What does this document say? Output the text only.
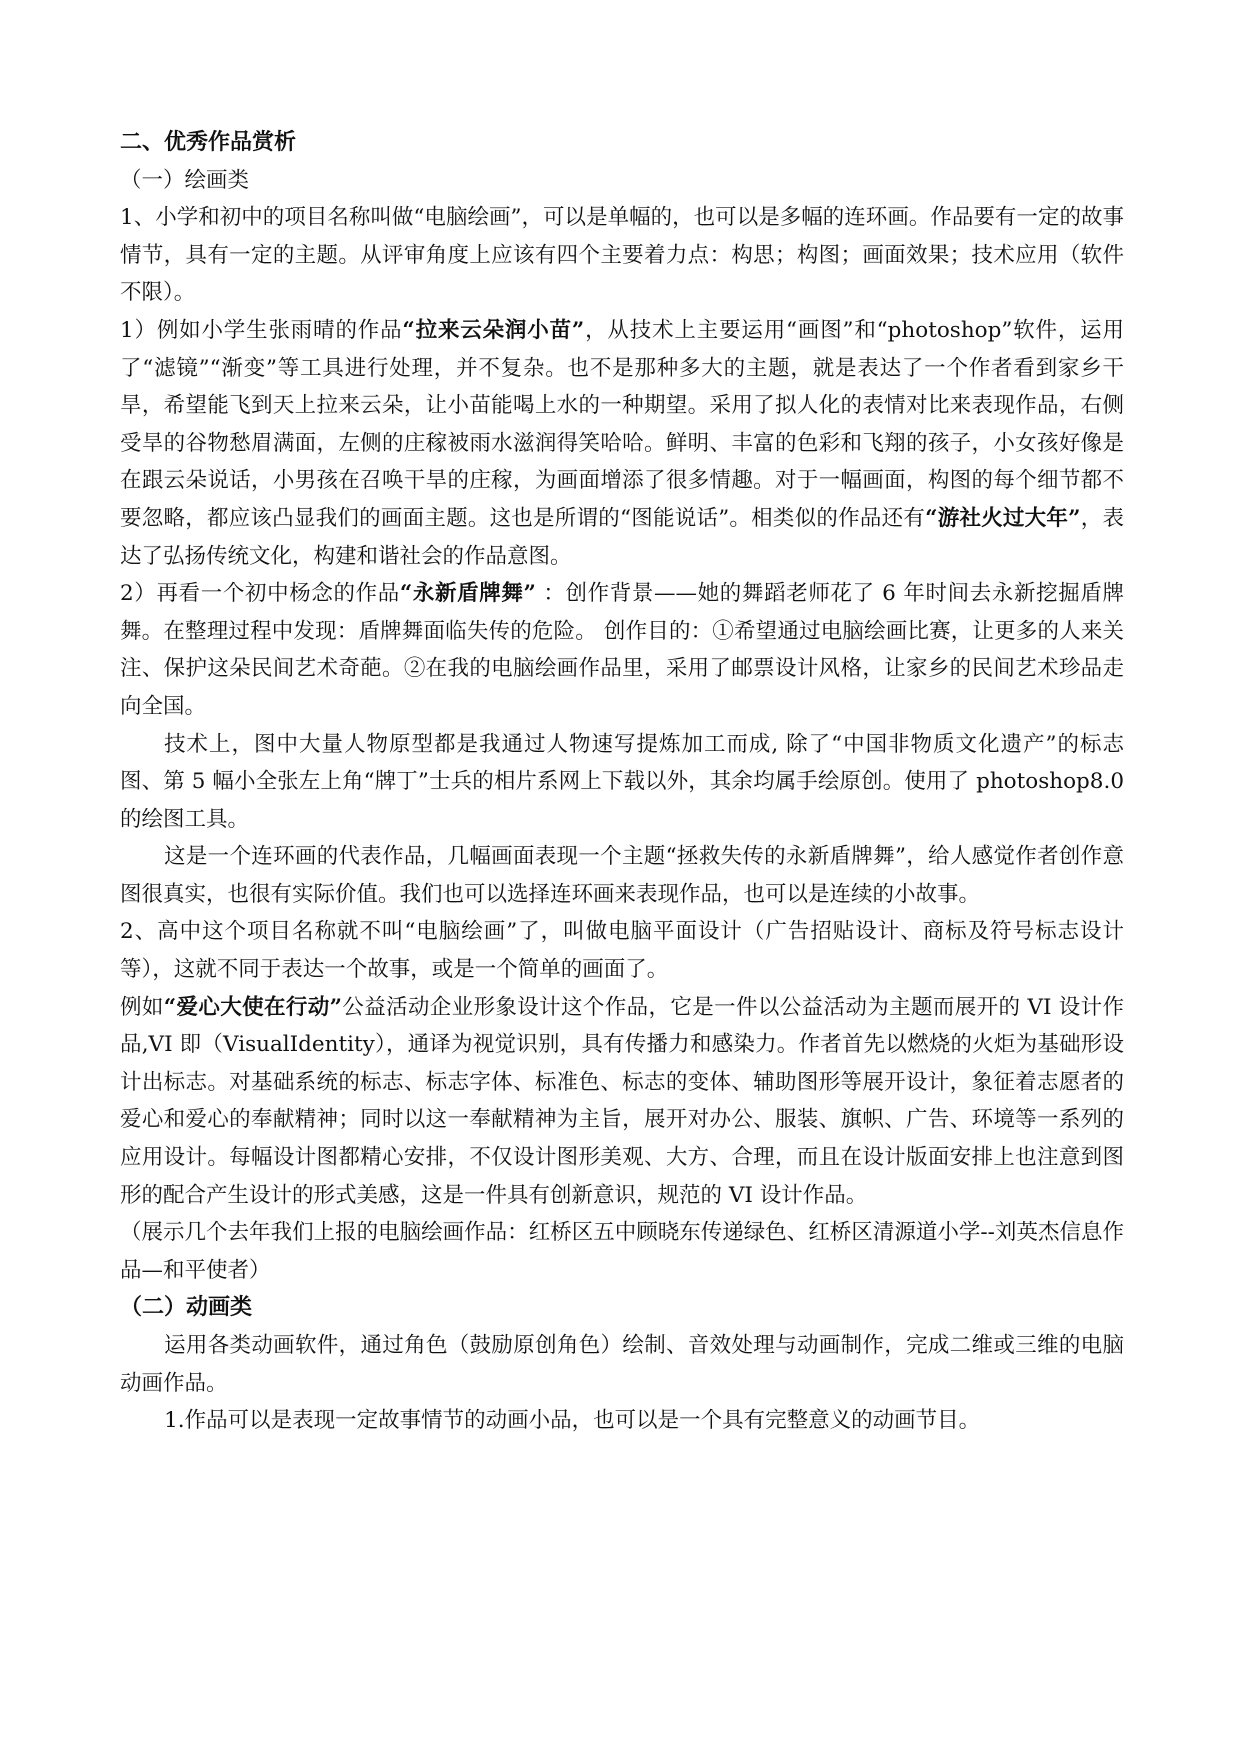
二、优秀作品赏析

（一）绘画类

1、小学和初中的项目名称叫做“电脑绘画”，可以是单幅的，也可以是多幅的连环画。作品要有一定的故事情节，具有一定的主题。从评审角度上应该有四个主要着力点：构思；构图；画面效果；技术应用（软件不限）。

1）例如小学生张雨晴的作品“拉来云朵润小苗”，从技术上主要运用“画图”和“photoshop”软件，运用了“滤镜”“渐变”等工具进行处理，并不复杂。也不是那种多大的主题，就是表达了一个作者看到家乡干旱，希望能飞到天上拉来云朵，让小苗能喝上水的一种期望。采用了拟人化的表情对比来表现作品，右侧受旱的谷物愁眉满面，左侧的庄稼被雨水滋润得笑哈哈。鲜明、丰富的色彩和飞翔的孩子，小女孩好像是在跟云朵说话，小男孩在召唤干旱的庄稼，为画面增添了很多情趣。对于一幅画面，构图的每个细节都不要忽略，都应该凸显我们的画面主题。这也是所谓的“图能说话”。相类似的作品还有“游社火过大年”，表达了弘扬传统文化，构建和谐社会的作品意图。

2）再看一个初中杨念的作品“永新盾牌舞” ：创作背景——她的舞蹈老师花了 6 年时间去永新挖掘盾牌舞。在整理过程中发现：盾牌舞面临失传的危险。 创作目的：①希望通过电脑绘画比赛，让更多的人来关注、保护这朵民间艺术奇葩。②在我的电脑绘画作品里，采用了邮票设计风格，让家乡的民间艺术珍品走向全国。

技术上，图中大量人物原型都是我通过人物速写提炼加工而成, 除了“中国非物质文化遗产”的标志图、第 5 幅小全张左上角“牌丁”士兵的相片系网上下载以外，其余均属手绘原创。使用了 photoshop8.0 的绘图工具。

这是一个连环画的代表作品，几幅画面表现一个主题“拯救失传的永新盾牌舞”，给人感觉作者创作意图很真实，也很有实际价值。我们也可以选择连环画来表现作品，也可以是连续的小故事。

2、高中这个项目名称就不叫“电脑绘画”了，叫做电脑平面设计（广告招贴设计、商标及符号标志设计等），这就不同于表达一个故事，或是一个简单的画面了。

例如“爱心大使在行动”公益活动企业形象设计这个作品，它是一件以公益活动为主题而展开的 VI 设计作品,VI 即（VisualIdentity），通译为视觉识别，具有传播力和感染力。作者首先以燃烧的火炬为基础形设计出标志。对基础系统的标志、标志字体、标准色、标志的变体、辅助图形等展开设计，象征着志愿者的爱心和爱心的奉献精神；同时以这一奉献精神为主旨，展开对办公、服装、旗帜、广告、环境等一系列的应用设计。每幅设计图都精心安排，不仅设计图形美观、大方、合理，而且在设计版面安排上也注意到图形的配合产生设计的形式美感，这是一件具有创新意识，规范的 VI 设计作品。

（展示几个去年我们上报的电脑绘画作品：红桥区五中顾晓东传递绿色、红桥区清源道小学--刘英杰信息作品—和平使者）

（二）动画类

运用各类动画软件，通过角色（鼓励原创角色）绘制、音效处理与动画制作，完成二维或三维的电脑动画作品。

1.作品可以是表现一定故事情节的动画小品，也可以是一个具有完整意义的动画节目。
